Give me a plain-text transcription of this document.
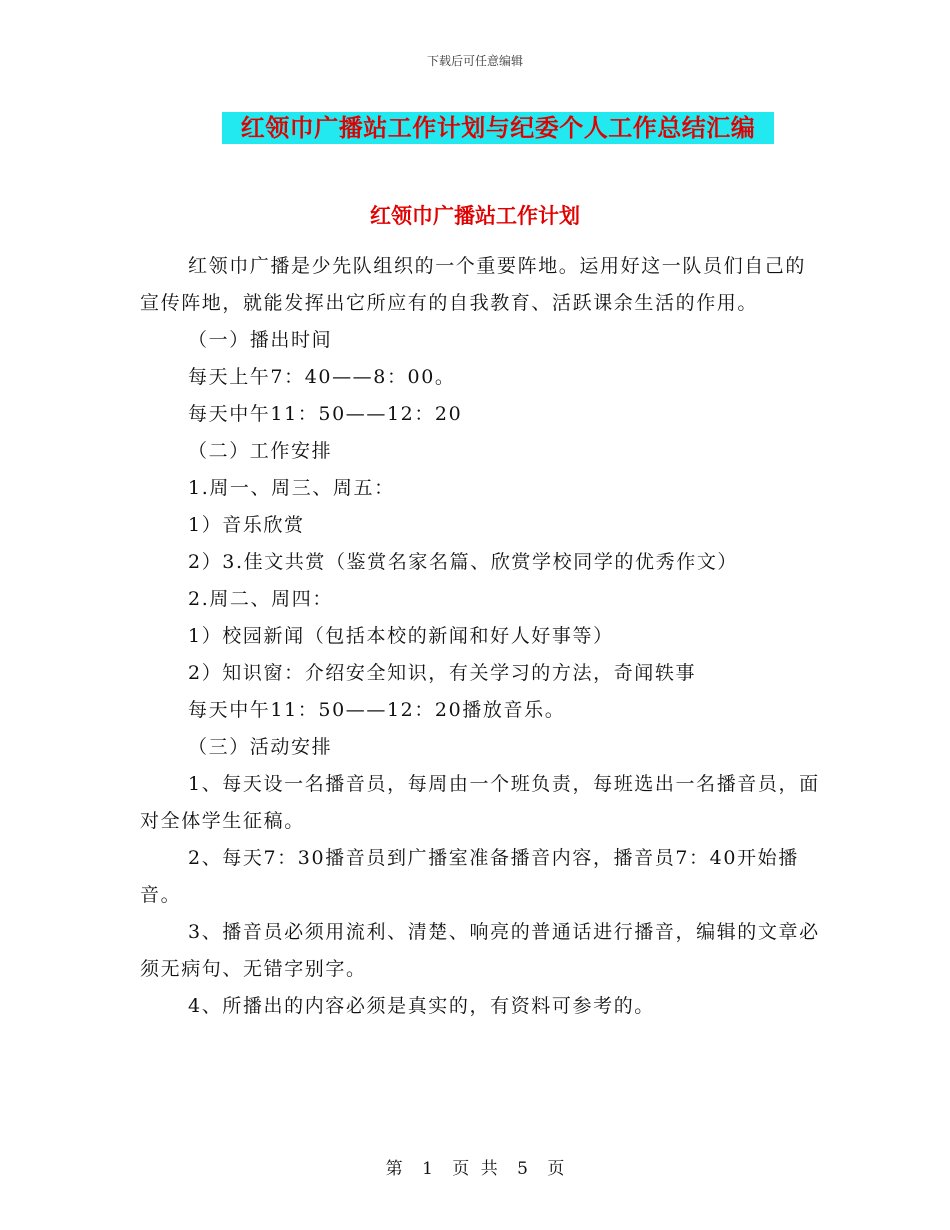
下载后可任意编辑
红领巾广播站工作计划与纪委个人工作总结汇编
红领巾广播站工作计划

红领巾广播是少先队组织的一个重要阵地。运用好这一队员们自己的宣传阵地，就能发挥出它所应有的自我教育、活跃课余生活的作用。

（一）播出时间

每天上午7：40——8：00。

每天中午11：50——12：20

（二）工作安排

1.周一、周三、周五：

1）音乐欣赏

2）3.佳文共赏（鉴赏名家名篇、欣赏学校同学的优秀作文）

2.周二、周四：

1）校园新闻（包括本校的新闻和好人好事等）

2）知识窗：介绍安全知识，有关学习的方法，奇闻轶事

每天中午11：50——12：20播放音乐。

（三）活动安排

1、每天设一名播音员，每周由一个班负责，每班选出一名播音员，面对全体学生征稿。

2、每天7：30播音员到广播室准备播音内容，播音员7：40开始播音。

3、播音员必须用流利、清楚、响亮的普通话进行播音，编辑的文章必须无病句、无错字别字。

4、所播出的内容必须是真实的，有资料可参考的。

第 1 页 共 5 页
